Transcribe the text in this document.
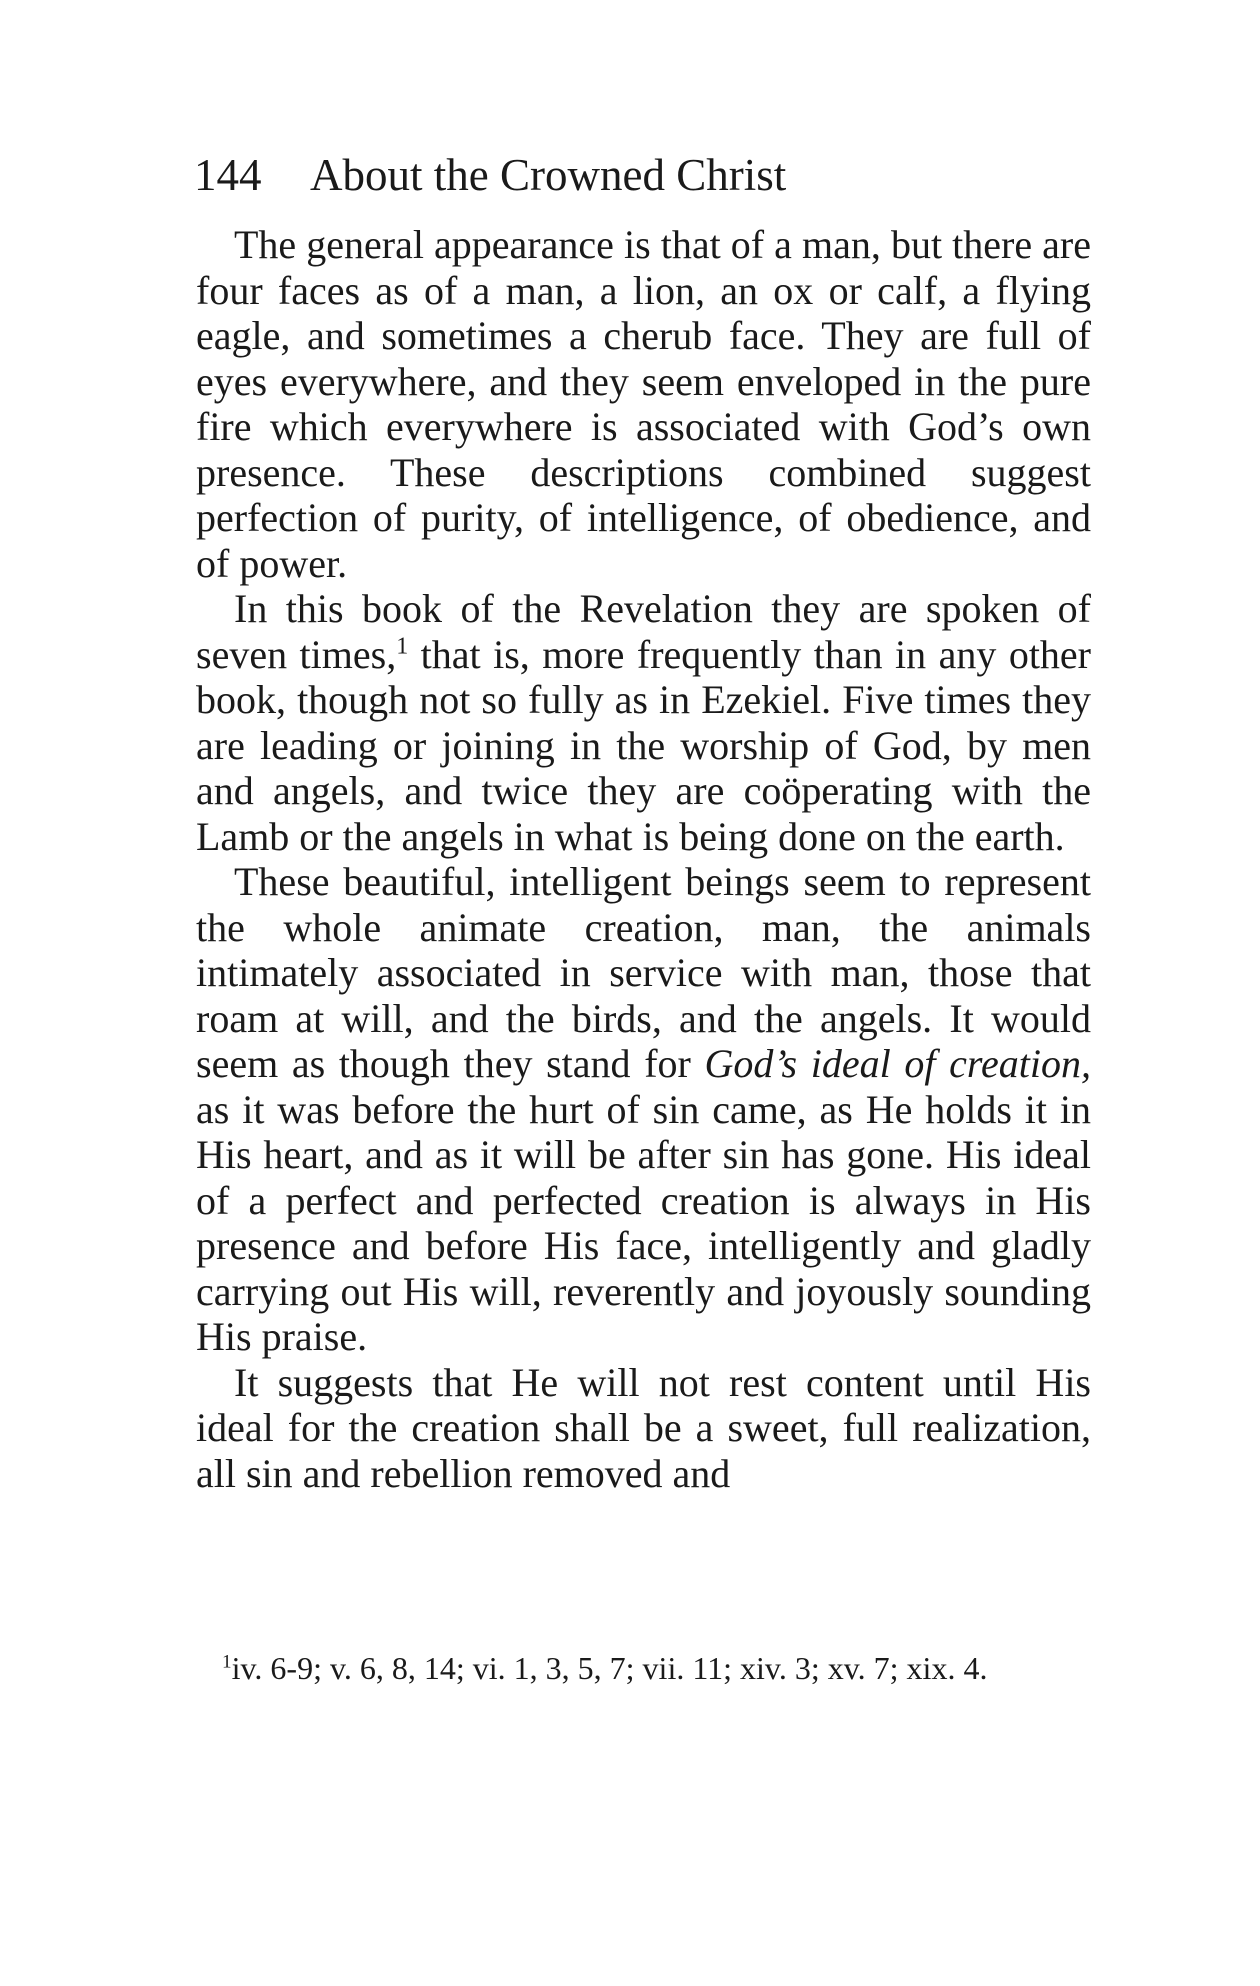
144 About the Crowned Christ

The general appearance is that of a man, but there are four faces as of a man, a lion, an ox or calf, a flying eagle, and sometimes a cherub face. They are full of eyes everywhere, and they seem enveloped in the pure fire which everywhere is associated with God’s own presence. These descriptions combined suggest perfection of purity, of intelligence, of obedience, and of power.

In this book of the Revelation they are spoken of seven times,$^1$ that is, more frequently than in any other book, though not so fully as in Ezekiel. Five times they are leading or joining in the worship of God, by men and angels, and twice they are coöperating with the Lamb or the angels in what is being done on the earth.

These beautiful, intelligent beings seem to represent the whole animate creation, man, the animals intimately associated in service with man, those that roam at will, and the birds, and the angels. It would seem as though they stand for God’s ideal of creation, as it was before the hurt of sin came, as He holds it in His heart, and as it will be after sin has gone. His ideal of a perfect and perfected creation is always in His presence and before His face, intelligently and gladly carrying out His will, reverently and joyously sounding His praise.

It suggests that He will not rest content until His ideal for the creation shall be a sweet, full realization, all sin and rebellion removed and

$^1$iv. 6-9; v. 6, 8, 14; vi. 1, 3, 5, 7; vii. 11; xiv. 3; xv. 7; xix. 4.
